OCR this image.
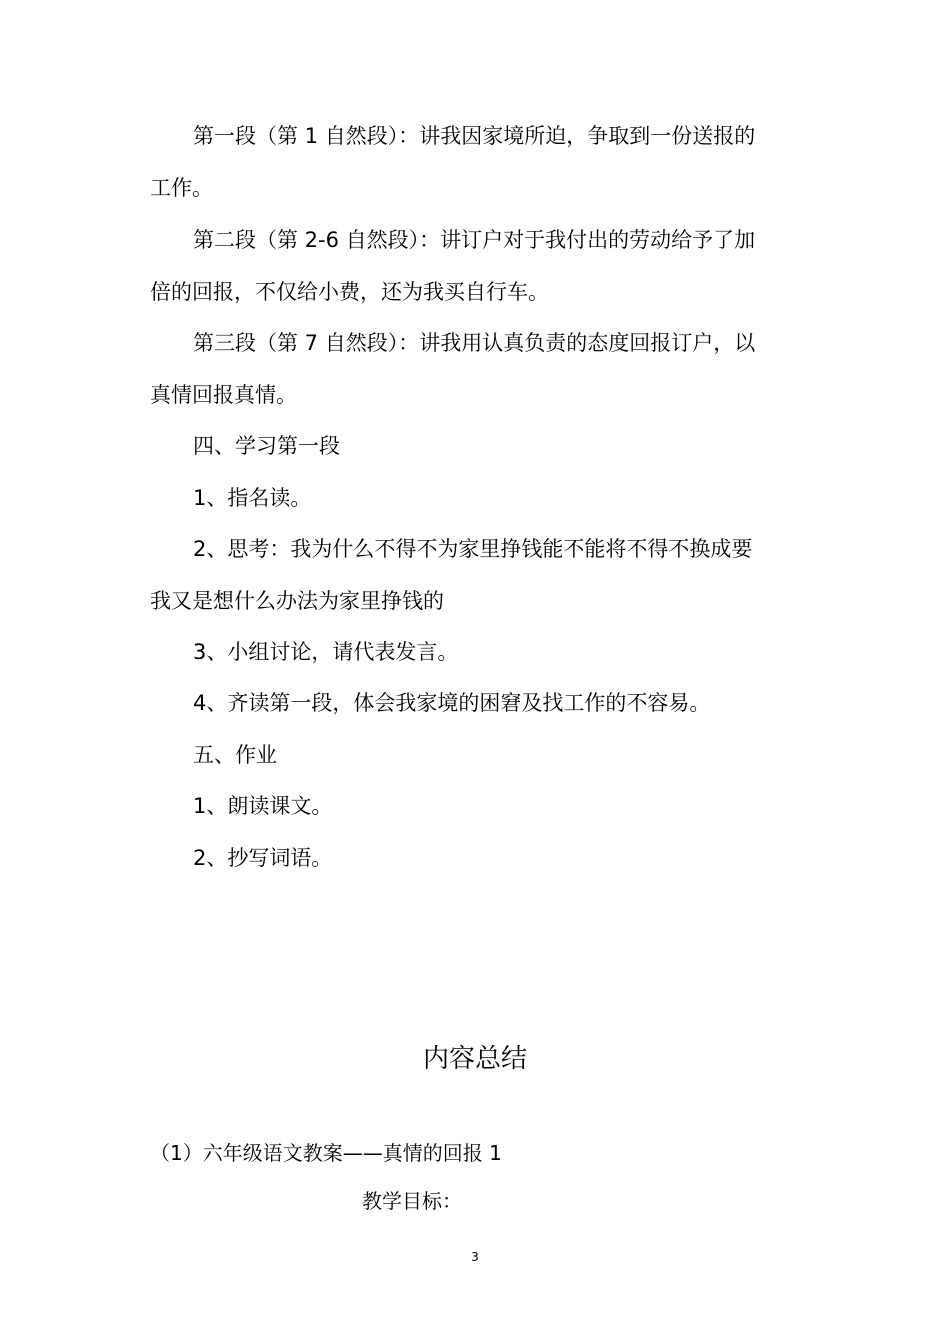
第一段（第 1 自然段）：讲我因家境所迫，争取到一份送报的
工作。
第二段（第 2-6 自然段）：讲订户对于我付出的劳动给予了加
倍的回报，不仅给小费，还为我买自行车。
第三段（第 7 自然段）：讲我用认真负责的态度回报订户，以
真情回报真情。
四、学习第一段
1、指名读。
2、思考：我为什么不得不为家里挣钱能不能将不得不换成要
我又是想什么办法为家里挣钱的
3、小组讨论，请代表发言。
4、齐读第一段，体会我家境的困窘及找工作的不容易。
五、作业
1、朗读课文。
2、抄写词语。
内容总结
（1）六年级语文教案——真情的回报 1
教学目标：
3
